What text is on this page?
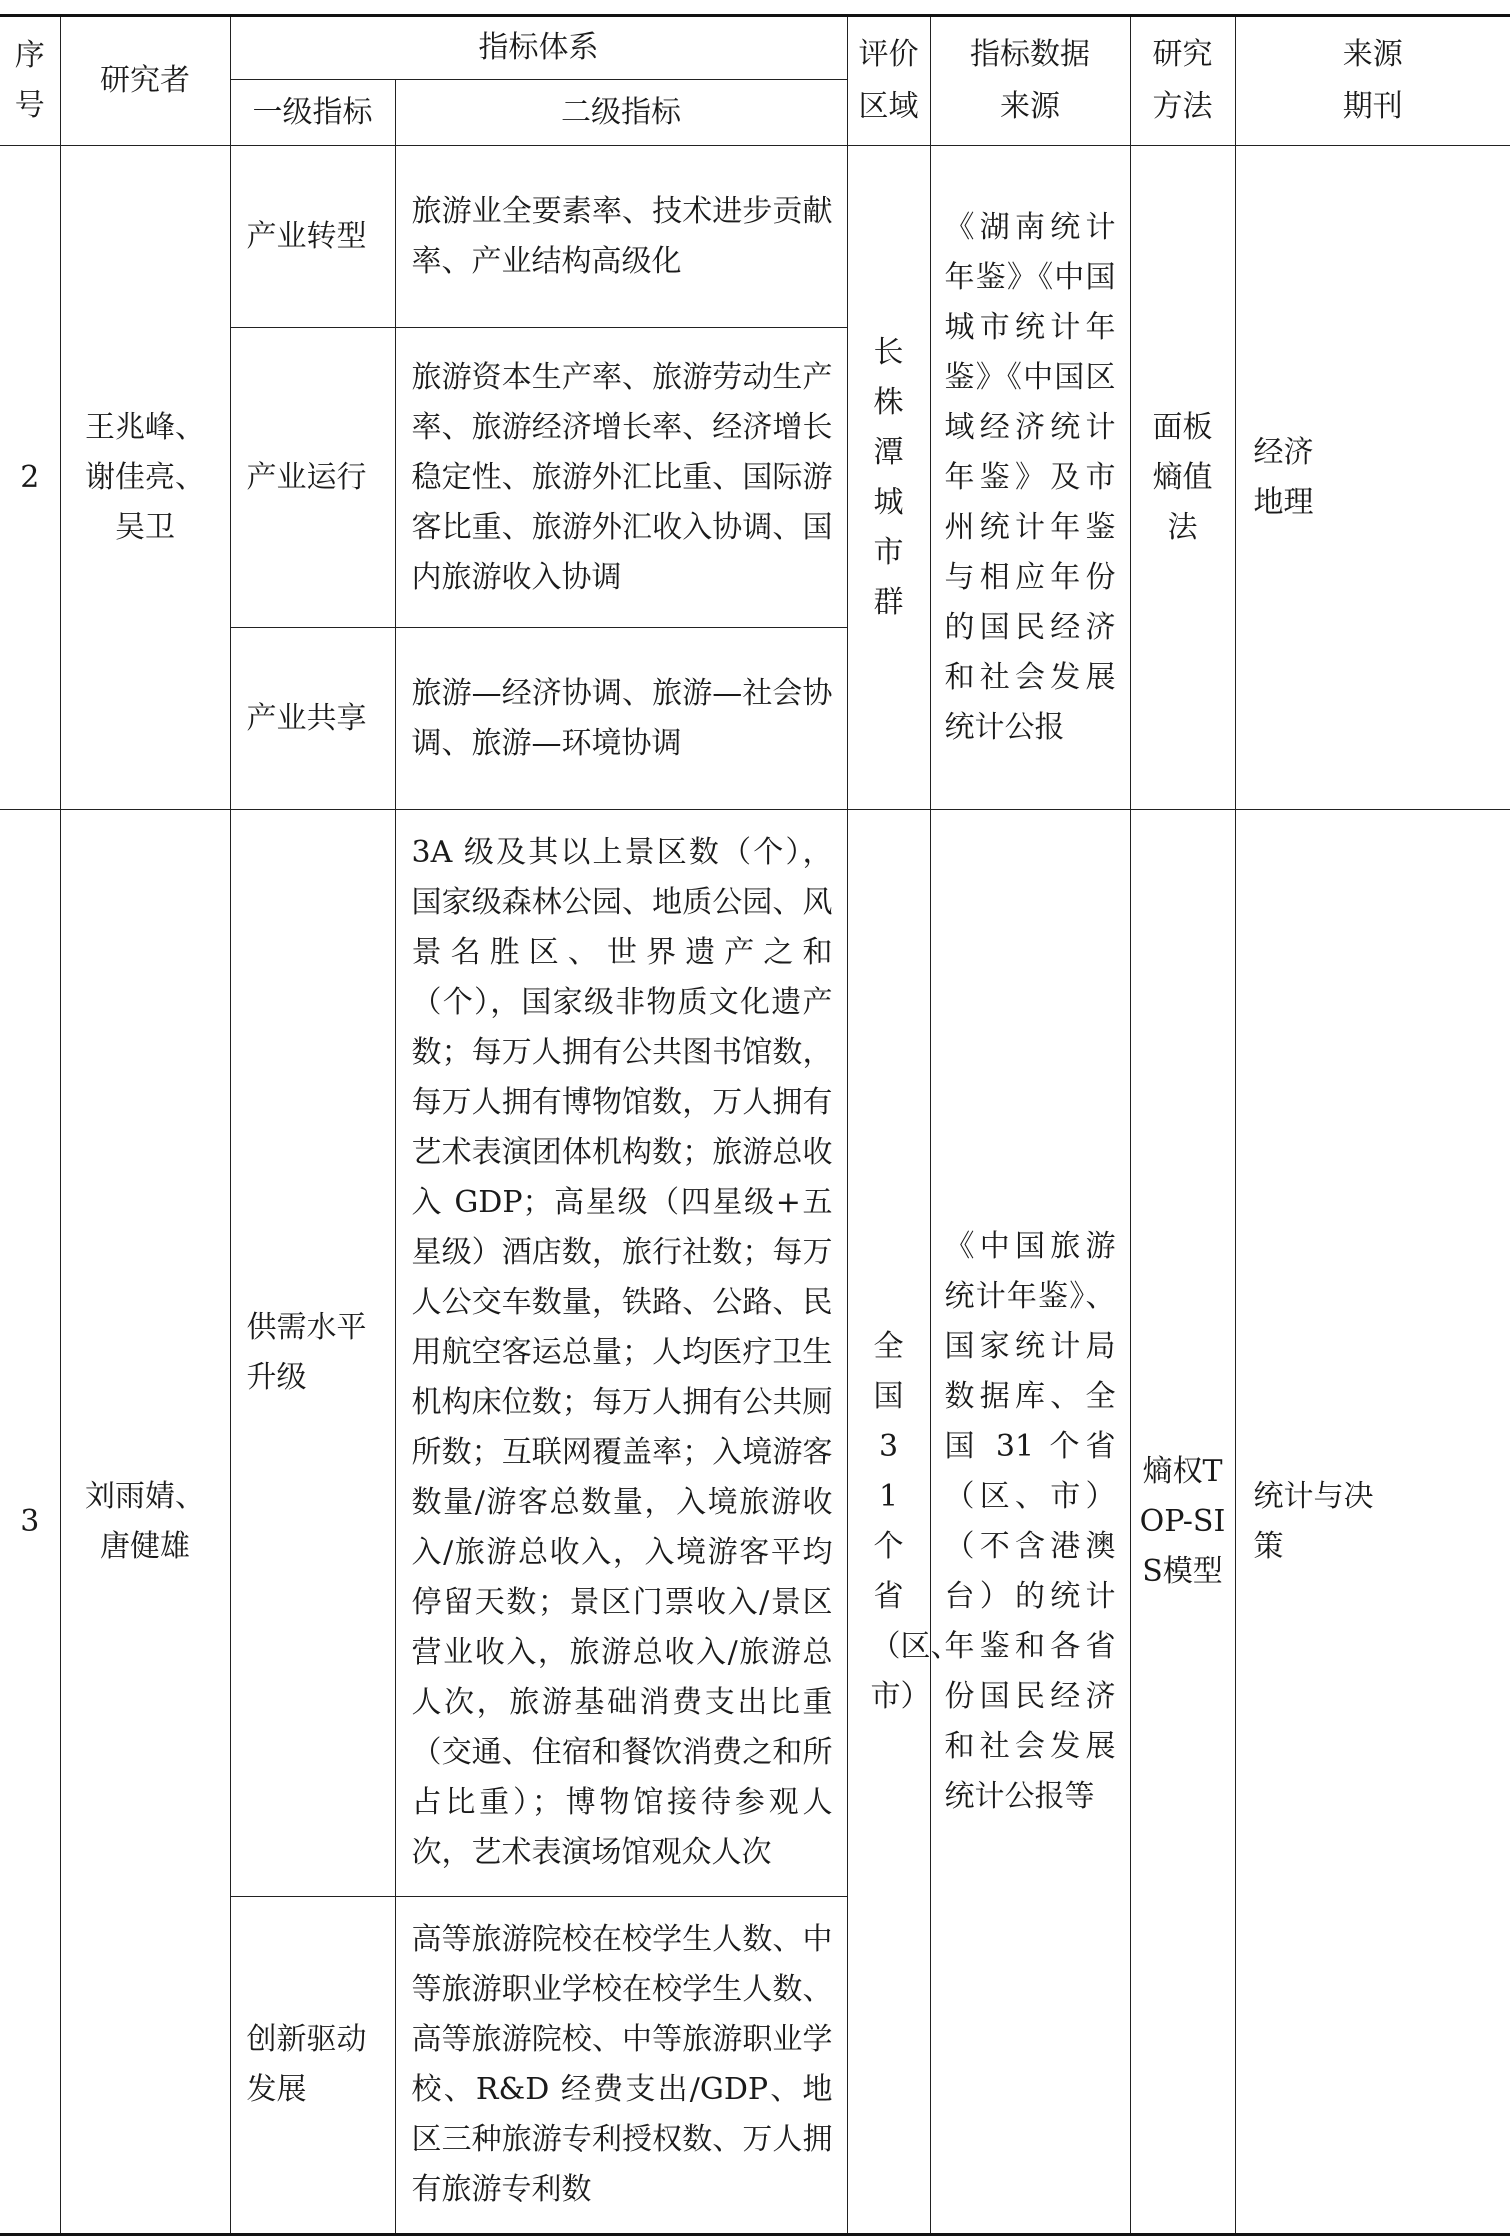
序号	研究者	指标体系		评价区域	指标数据来源	研究方法	来源期刊
		一级指标	二级指标				
2	王兆峰、谢佳亮、吴卫	产业转型	旅游业全要素率、技术进步贡献率、产业结构高级化	长株潭城市群	《湖南统计年鉴》《中国城市统计年鉴》《中国区域经济统计年鉴》及市州统计年鉴与相应年份的国民经济和社会发展统计公报	面板熵值法	经济地理
		产业运行	旅游资本生产率、旅游劳动生产率、旅游经济增长率、经济增长稳定性、旅游外汇比重、国际游客比重、旅游外汇收入协调、国内旅游收入协调				
		产业共享	旅游—经济协调、旅游—社会协调、旅游—环境协调				
3	刘雨婧、唐健雄	供需水平升级	3A 级及其以上景区数（个），国家级森林公园、地质公园、风景名胜区、世界遗产之和（个），国家级非物质文化遗产数；每万人拥有公共图书馆数，每万人拥有博物馆数，万人拥有艺术表演团体机构数；旅游总收入 GDP；高星级（四星级+五星级）酒店数，旅行社数；每万人公交车数量，铁路、公路、民用航空客运总量；人均医疗卫生机构床位数；每万人拥有公共厕所数；互联网覆盖率；入境游客数量/游客总数量，入境旅游收入/旅游总收入，入境游客平均停留天数；景区门票收入/景区营业收入，旅游总收入/旅游总人次，旅游基础消费支出比重（交通、住宿和餐饮消费之和所占比重）；博物馆接待参观人次，艺术表演场馆观众人次	全国31个省（区、市）	《中国旅游统计年鉴》、国家统计局数据库、全国 31 个省（区、市）（不含港澳台）的统计年鉴和各省份国民经济和社会发展统计公报等	熵权TOP-SIS模型	统计与决策
		创新驱动发展	高等旅游院校在校学生人数、中等旅游职业学校在校学生人数、高等旅游院校、中等旅游职业学校、R&D 经费支出/GDP、地区三种旅游专利授权数、万人拥有旅游专利数				
